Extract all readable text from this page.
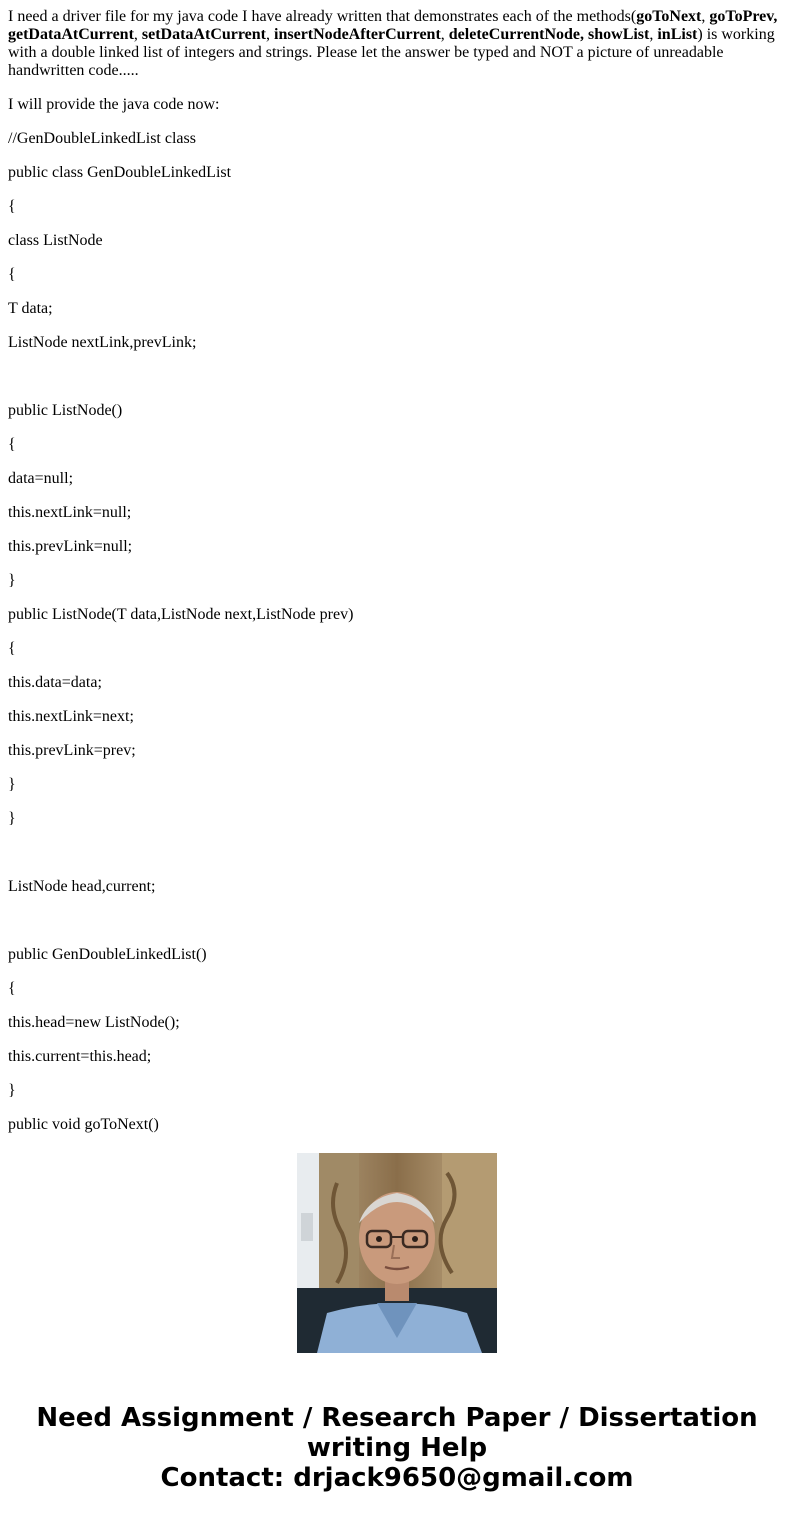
I need a driver file for my java code I have already written that demonstrates each of the methods(goToNext, goToPrev, getDataAtCurrent, setDataAtCurrent, insertNodeAfterCurrent, deleteCurrentNode, showList, inList) is working with a double linked list of integers and strings. Please let the answer be typed and NOT a picture of unreadable handwritten code.....

I will provide the java code now:

//GenDoubleLinkedList class
public class GenDoubleLinkedList
{
class ListNode
{
T data;
ListNode nextLink,prevLink;
public ListNode()
{
data=null;
this.nextLink=null;
this.prevLink=null;
}
public ListNode(T data,ListNode next,ListNode prev)
{
this.data=data;
this.nextLink=next;
this.prevLink=prev;
}
}
ListNode head,current;
public GenDoubleLinkedList()
{
this.head=new ListNode();
this.current=this.head;
}
public void goToNext()
Need Assignment / Research Paper / Dissertation
writing Help
Contact: drjack9650@gmail.com
